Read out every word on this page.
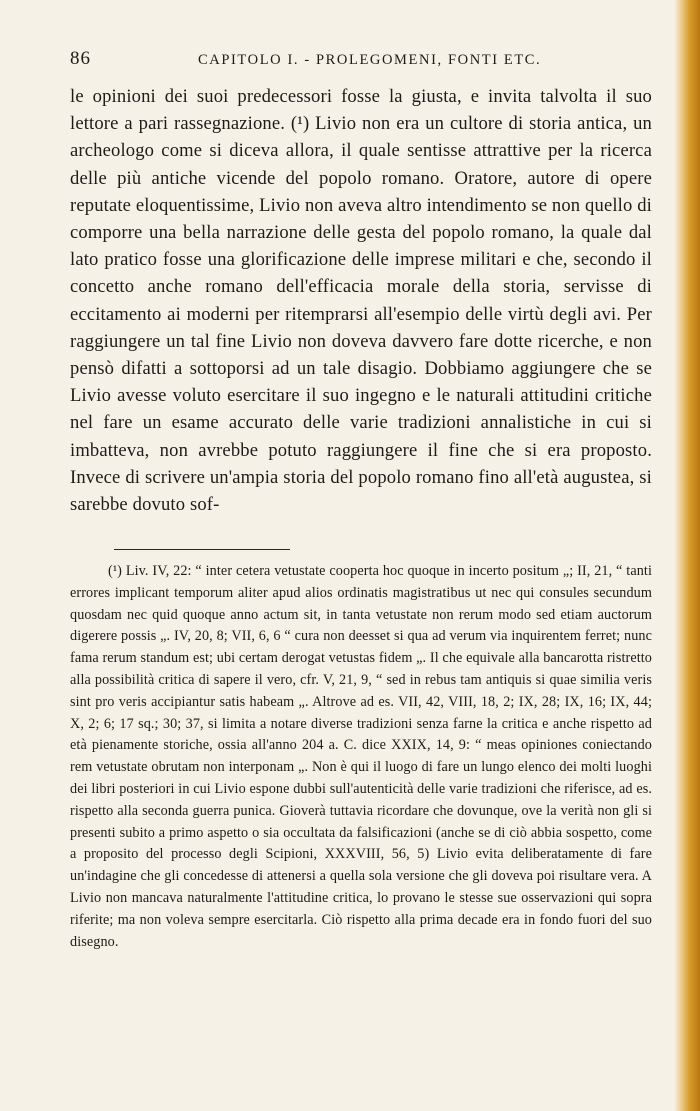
86	CAPITOLO I. - PROLEGOMENI, FONTI ETC.

le opinioni dei suoi predecessori fosse la giusta, e invita talvolta il suo lettore a pari rassegnazione. (¹) Livio non era un cultore di storia antica, un archeologo come si diceva allora, il quale sentisse attrattive per la ricerca delle più antiche vicende del popolo romano. Oratore, autore di opere reputate eloquentissime, Livio non aveva altro intendimento se non quello di comporre una bella narrazione delle gesta del popolo romano, la quale dal lato pratico fosse una glorificazione delle imprese militari e che, secondo il concetto anche romano dell'efficacia morale della storia, servisse di eccitamento ai moderni per ritemprarsi all'esempio delle virtù degli avi. Per raggiungere un tal fine Livio non doveva davvero fare dotte ricerche, e non pensò difatti a sottoporsi ad un tale disagio. Dobbiamo aggiungere che se Livio avesse voluto esercitare il suo ingegno e le naturali attitudini critiche nel fare un esame accurato delle varie tradizioni annalistiche in cui si imbatteva, non avrebbe potuto raggiungere il fine che si era proposto. Invece di scrivere un'ampia storia del popolo romano fino all'età augustea, si sarebbe dovuto sof-

(¹) Liv. IV, 22: “ inter cetera vetustate cooperta hoc quoque in incerto positum „; II, 21, “ tanti errores implicant temporum aliter apud alios ordinatis magistratibus ut nec qui consules secundum quosdam nec quid quoque anno actum sit, in tanta vetustate non rerum modo sed etiam auctorum digerere possis „. IV, 20, 8; VII, 6, 6 “ cura non deesset si qua ad verum via inquirentem ferret; nunc fama rerum standum est; ubi certam derogat vetustas fidem „. Il che equivale alla bancarotta ristretto alla possibilità critica di sapere il vero, cfr. V, 21, 9, “ sed in rebus tam antiquis si quae similia veris sint pro veris accipiantur satis habeam „. Altrove ad es. VII, 42, VIII, 18, 2; IX, 28; IX, 16; IX, 44; X, 2; 6; 17 sq.; 30; 37, si limita a notare diverse tradizioni senza farne la critica e anche rispetto ad età pienamente storiche, ossia all'anno 204 a. C. dice XXIX, 14, 9: “ meas opiniones coniectando rem vetustate obrutam non interponam „. Non è qui il luogo di fare un lungo elenco dei molti luoghi dei libri posteriori in cui Livio espone dubbi sull'autenticità delle varie tradizioni che riferisce, ad es. rispetto alla seconda guerra punica. Gioverà tuttavia ricordare che dovunque, ove la verità non gli si presenti subito a primo aspetto o sia occultata da falsificazioni (anche se di ciò abbia sospetto, come a proposito del processo degli Scipioni, XXXVIII, 56, 5) Livio evita deliberatamente di fare un'indagine che gli concedesse di attenersi a quella sola versione che gli doveva poi risultare vera. A Livio non mancava naturalmente l'attitudine critica, lo provano le stesse sue osservazioni qui sopra riferite; ma non voleva sempre esercitarla. Ciò rispetto alla prima decade era in fondo fuori del suo disegno.
